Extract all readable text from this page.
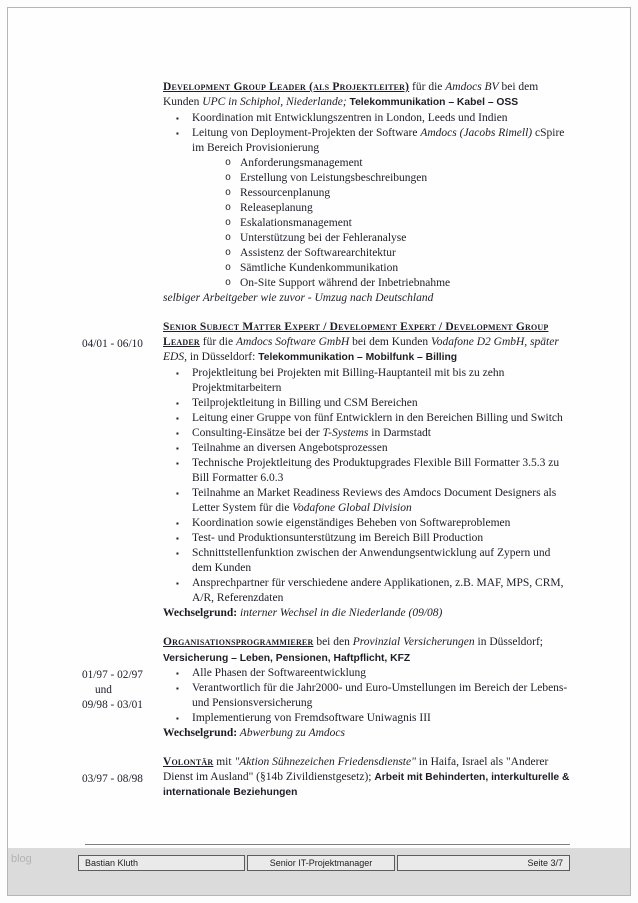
Development Group Leader (als Projektleiter) für die Amdocs BV bei dem Kunden UPC in Schiphol, Niederlande; Telekommunikation – Kabel – OSS

▪	Koordination mit Entwicklungszentren in London, Leeds und Indien
▪	Leitung von Deployment-Projekten der Software Amdocs (Jacobs Rimell) cSpire im Bereich Provisionierung
o Anforderungsmanagement
o Erstellung von Leistungsbeschreibungen
o Ressourcenplanung
o Releaseplanung
o Eskalationsmanagement
o Unterstützung bei der Fehleranalyse
o Assistenz der Softwarearchitektur
o Sämtliche Kundenkommunikation
o On-Site Support während der Inbetriebnahme

selbiger Arbeitgeber wie zuvor - Umzug nach Deutschland

04/01 - 06/10

Senior Subject Matter Expert / Development Expert / Development Group Leader für die Amdocs Software GmbH bei dem Kunden Vodafone D2 GmbH, später EDS, in Düsseldorf: Telekommunikation – Mobilfunk – Billing

▪	Projektleitung bei Projekten mit Billing-Hauptanteil mit bis zu zehn Projektmitarbeitern
▪	Teilprojektleitung in Billing und CSM Bereichen
▪	Leitung einer Gruppe von fünf Entwicklern in den Bereichen Billing und Switch
▪	Consulting-Einsätze bei der T-Systems in Darmstadt
▪	Teilnahme an diversen Angebotsprozessen
▪	Technische Projektleitung des Produktupgrades Flexible Bill Formatter 3.5.3 zu Bill Formatter 6.0.3
▪	Teilnahme an Market Readiness Reviews des Amdocs Document Designers als Letter System für die Vodafone Global Division
▪	Koordination sowie eigenständiges Beheben von Softwareproblemen
▪	Test- und Produktionsunterstützung im Bereich Bill Production
▪	Schnittstellenfunktion zwischen der Anwendungsentwicklung auf Zypern und dem Kunden
▪	Ansprechpartner für verschiedene andere Applikationen, z.B. MAF, MPS, CRM, A/R, Referenzdaten

Wechselgrund: interner Wechsel in die Niederlande (09/08)

01/97 - 02/97
und
09/98 - 03/01

Organisationsprogrammierer bei den Provinzial Versicherungen in Düsseldorf;

Versicherung – Leben, Pensionen, Haftpflicht, KFZ
▪	Alle Phasen der Softwareentwicklung
▪	Verantwortlich für die Jahr2000- und Euro-Umstellungen im Bereich der Lebens- und Pensionsversicherung
▪	Implementierung von Fremdsoftware Uniwagnis III

Wechselgrund: Abwerbung zu Amdocs

03/97 - 08/98

Volontär mit "Aktion Sühnezeichen Friedensdienste" in Haifa, Israel als "Anderer Dienst im Ausland" (§14b Zivildienstgesetz); Arbeit mit Behinderten, interkulturelle & internationale Beziehungen

blog	Bastian Kluth	Senior IT-Projektmanager	Seite 3/7
